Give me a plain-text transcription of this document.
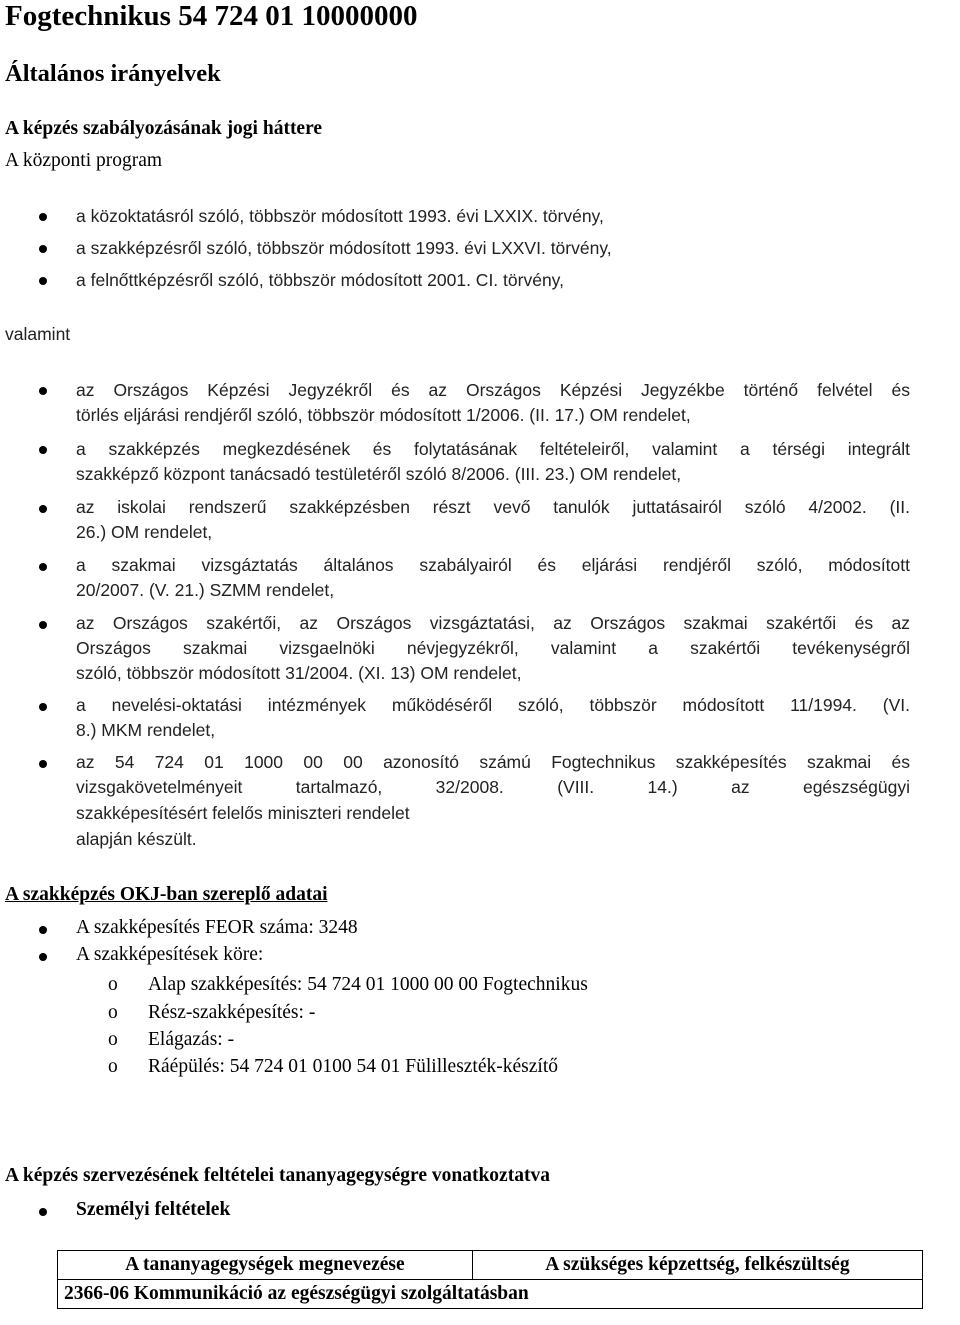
Fogtechnikus 54 724 01 10000000
Általános irányelvek
A képzés szabályozásának jogi háttere
A központi program
a közoktatásról szóló, többször módosított 1993. évi LXXIX. törvény,
a szakképzésről szóló, többször módosított 1993. évi LXXVI. törvény,
a felnőttképzésről szóló, többször módosított 2001. CI. törvény,
valamint
az Országos Képzési Jegyzékről és az Országos Képzési Jegyzékbe történő felvétel és
törlés eljárási rendjéről szóló, többször módosított 1/2006. (II. 17.) OM rendelet,
a szakképzés megkezdésének és folytatásának feltételeiről, valamint a térségi integrált
szakképző központ tanácsadó testületéről szóló 8/2006. (III. 23.) OM rendelet,
az iskolai rendszerű szakképzésben részt vevő tanulók juttatásairól szóló 4/2002. (II.
26.) OM rendelet,
a szakmai vizsgáztatás általános szabályairól és eljárási rendjéről szóló, módosított
20/2007. (V. 21.) SZMM rendelet,
az Országos szakértői, az Országos vizsgáztatási, az Országos szakmai szakértői és az
Országos szakmai vizsgaelnöki névjegyzékről, valamint a szakértői tevékenységről
szóló, többször módosított 31/2004. (XI. 13) OM rendelet,
a nevelési-oktatási intézmények működéséről szóló, többször módosított 11/1994. (VI.
8.) MKM rendelet,
az 54 724 01 1000 00 00 azonosító számú Fogtechnikus szakképesítés szakmai és
vizsgakövetelményeit tartalmazó, 32/2008. (VIII. 14.) az egészségügyi
szakképesítésért felelős miniszteri rendelet
alapján készült.
A szakképzés OKJ-ban szereplő adatai
A szakképesítés FEOR száma: 3248
A szakképesítések köre:
o Alap szakképesítés: 54 724 01 1000 00 00 Fogtechnikus
o Rész-szakképesítés: -
o Elágazás: -
o Ráépülés: 54 724 01 0100 54 01 Fülilleszték-készítő
A képzés szervezésének feltételei tananyagegységre vonatkoztatva
Személyi feltételek
A tananyagegységek megnevezése	A szükséges képzettség, felkészültség
2366-06 Kommunikáció az egészségügyi szolgáltatásban
